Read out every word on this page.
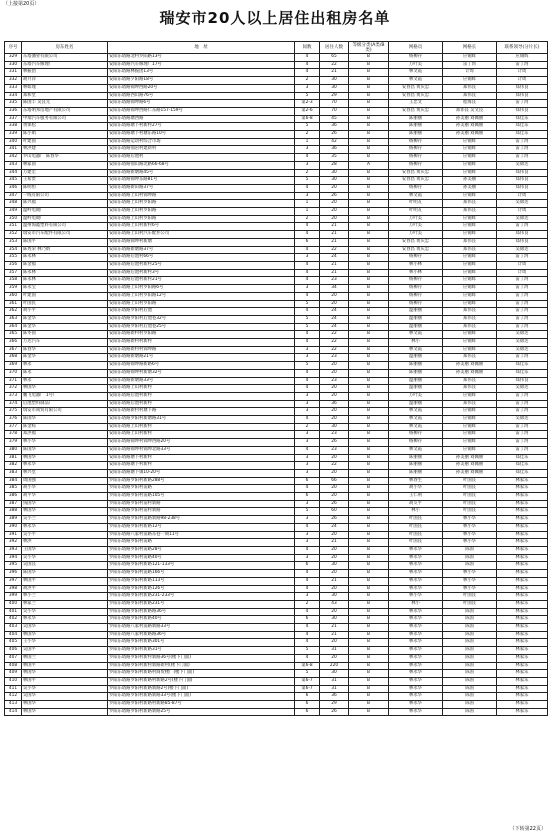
（上接第20页）
瑞安市20人以上居住出租房名单
序号	房东姓名	地　址	间数	居住人数	等级分类(A类/B类)	网格员	网格长	联系领导(分片长)
329	东塔潘业有限公司	安阳东塔路北村罗阳路13号	4	65	B	杨柳存	应锡辉	应锡辉
330	东塔汽车修理厂	安阳东塔路汽车修理厂17号	4	22	B	万叶美	雷丁湾	雷丁湾
331	林振团	安阳东塔路林振团13号	4	21	B	林文霞	计周	计周
332	胡月萍	安阳东塔路夕阳路18号	2	30	B	林文霞	应锡辉	计周
333	林如瑾	安阳东塔路锦坤西路20号	3	30	B	安春昌 黄庆忠	郑伟良	郑伟良
334	郑和堂	安阳东塔路西山路76号	5	29	B	安春昌 黄庆忠	郑伟良	郑伟良
335	陈国丰 吴良元	安阳东塔路锦坤路6号	第2-3	70	B	王忠文	程海良	雷丁湾
336	东塔明邦房地产有限公司	安阳东塔路锦坤西路仁东路157-159号	第2-6	70	B	安春昌 黄庆忠	郑伟良 吴文良	郑伟良
337	中瑞汽车服务有限公司	安阳东塔路塘西路	第6-8	45	B	陈丽丽	孙美丽 刘佩丽	郑佳乐
338	黄保松	安阳东塔路塘下村新村27号	5	36	B	陈丽丽	孙美丽 刘佩丽	郑佳乐
339	陈小娟	安阳东塔路塘下村塘东路10号	2	26	B	陈丽丽	孙美丽 刘佩丽	郑佳乐
340	叶建国	安阳东塔路运动村综合市场	1	42	B	杨柳存	应锡辉	雷丁湾
341	林洪建	安阳东塔路仙岩村建新村	3	36	B	杨柳存	应锡辉	雷丁湾
342	罗山电器厂 陈春华	安阳东塔路后池村	4	35	B	杨柳存	应锡辉	雷丁湾
343	林家国	安阳东塔路仙山路北路66-68号	3	28	A	杨柳存	应锡辉	吴锦达
344	万建宏	安阳东塔路新塘路45号	2	30	B	安春昌 黄庆忠	应锡辉	郑伟良
345	王希贵	安阳东塔路锦坤东路81号	5	30	B	安春昌 黄庆忠	孙美丽	郑伟良
346	陈明恒	安阳东塔路新田路37号	4	20	B	杨柳存	孙美丽	郑伟良
347	一线有限公司	安阳东塔路上山村锦坤路	3	26	B	林文霞	应锡辉	计周
348	陈兴福	安阳东塔路上山村罗阳路	1	20	B	叶明友	郑伟良	吴锦达
349	温岭电镀厂	安阳东塔路上山村罗阳路	1	20	B	叶明友	郑伟良	计周
350	温岭电镀厂	安阳东塔路上山村罗阳路	2	20	B	万叶美	应锡辉	吴锦达
351	温州海鑫塑料有限公司	安阳东塔路上山村新村6号	4	21	B	万叶美	应锡辉	雷丁湾
352	瑞安市汽车配件有限公司	安阳东塔路上山村汽车配件公司	4	21	B	万叶美	应锡辉	郑伟良
353	陈国平	安阳东塔路锦坤村新塘	6	21	B	安春昌 黄庆忠	郑伟良	郑伟良
354	陈秀荣 林乃炳	安阳东塔路新塘路37号	4	22	B	安春昌 黄庆忠	郑伟良	吴锦达
355	陈永林	安阳东塔路后池村66号	3	24	B	杨柳存	应锡辉	雷丁湾
356	陈金福	安阳东塔路后池村新村25号	4	21	B	林小林	应锡辉	计周
357	陈永林	安阳东塔路后池村新村3号	4	21	B	林小林	应锡辉	计周
358	陈永林	安阳东塔路后池村新村21号	4	23	B	杨柳存	应锡辉	雷丁湾
359	陈永宝	安阳东塔路上山村罗阳路6号	3	34	B	杨柳存	应锡辉	雷丁湾
360	叶建国	安阳东塔路上山村罗阳路12号	4	20	B	杨柳存	应锡辉	雷丁湾
361	叶国民	安阳东塔路上山村罗阳路	5	20	B	杨柳存	应锡辉	雷丁湾
362	胡小平	安阳东塔路罗阳村后池	4	24	B	温丽丽	郑伟良	雷丁湾
363	陈金华	安阳东塔路罗阳村后池巷32号	5	24	B	温丽丽	郑伟良	雷丁湾
364	陈金华	安阳东塔路罗阳村后池巷25号	5	24	B	温丽丽	郑伟良	雷丁湾
365	陈冬国	安阳东塔路新村村罗阳路	4	22	B	林文霞	应锡辉	吴锦达
366	万达汽车	安阳东塔路新村村新村	4	22	B	林小	应锡辉	吴锦达
367	陈春华	安阳东塔路新村村锦坤路	3	22	B	林文霞	应锡辉	吴锦达
368	陈金华	安阳东塔路新塘路21号	3	23	B	温丽丽	郑伟良	雷丁湾
369	林永	安阳东塔路锦坤路新路6号	5	20	B	陈丽丽	孙美丽 刘佩丽	郑佳乐
370	陈永	安阳东塔路锦坤村新塘32号	4	20	B	陈丽丽	孙美丽 刘佩丽	郑佳乐
371	林永	安阳东塔路新塘路33号	4	23	B	温丽丽	郑伟良	郑伟良
372	林国华	安阳东塔路上山村新村	4	20	B	温丽丽	郑伟良	吴锦达
373	鹏飞电器厂 1号厂	安阳东塔路后池村新村	3	20	B	万叶美	应锡辉	雷丁湾
374	后池塑料制品厂	安阳东塔路后池村新村	3	36	B	温丽丽	郑伟良	雷丁湾
375	瑞安市商贸有限公司	安阳东塔路新村村塘下路	3	20	B	林文霞	应锡辉	雷丁湾
376	陈国华	安阳东塔路罗阳村新塘路31号	4	20	B	林文霞	应锡辉	吴锦达
377	陈金标	安阳东塔路上山村新村	2	30	B	林文霞	应锡辉	雷丁湾
378	郑洪福	安阳东塔路上山村新村	3	23	B	杨柳存	应锡辉	雷丁湾
379	林小华	安阳东塔路锦坤村锦坤西路20号	3	26	B	杨柳存	应锡辉	雷丁湾
380	陈国华	安阳东塔路锦坤村锦坤北路33号	4	23	B	林文霞	应锡辉	雷丁湾
381	林国华	安阳东塔路塘下村新村	3	20	B	陈丽丽	孙美丽 刘佩丽	郑佳乐
382	林永华	安阳东塔路塘下村新村	3	22	B	陈丽丽	孙美丽 刘佩丽	郑佳乐
383	林兴堂	安阳东塔路塘下镇10-20号	3	20	B	陈丽丽	孙美丽 刘佩丽	郑佳乐
384	周国强	罗阳东塔路罗阳村新路288号	6	66	B	林春生	叶国良	林家乐
385	胡小华	罗阳东塔路罗阳村前路	4	20	B	胡小华	叶国良	林家乐
386	胡平华	罗阳东塔路罗阳村前路105号	6	20	B	王仁利	叶国良	林家乐
387	钱国华	罗阳东塔路罗阳村前村新路	3	26	B	胡友平	叶国良	林家乐
388	林国华	罗阳东塔路罗阳村前村新路	5	60	B	林小	叶国良	林家乐
389	吴小兰	罗阳东塔路罗阳村前路新路98-238号	3	26	B	叶国良	林小华	林家乐
390	林永华	罗阳东塔路罗阳村新路12号	4	24	B	叶国良	林小华	林家乐
391	吴小平	罗阳东塔路八家村前路东巷一期11号	3	20	B	叶国良	林小华	林家乐
392	林洪	罗阳东塔路罗阳村前路	3	21	B	叶国良	林小华	林家乐
393	王国华	罗阳东塔路罗阳村前路28号	4	20	B	林永华	陈国	林家乐
394	吴小华	罗阳东塔路罗阳村前路40号	3	20	B	林永华	陈国	林家乐
395	吴国良	罗阳东塔路罗阳村新路121-133号	6	30	B	林永华	陈国	林家乐
396	陈国华	罗阳东塔路罗阳村前路166号	4	20	B	林永华	林小华	林家乐
397	林国平	罗阳东塔路罗阳村新路113号	4	21	B	林永华	林小华	林家乐
398	胡洪平	罗阳东塔路罗阳村新路126号	4	20	B	林永华	林小华	林家乐
399	林小兰	罗阳东塔路罗阳村新路231-233号	3	30	B	林小华	叶国良	林家乐
400	林家兰	罗阳东塔路罗阳村新路231号	2	43	B	林小	叶国良	林家乐
401	吴小华	罗阳东塔路罗阳村新路路36号	4	20	B	林永华	陈国	林家乐
402	林永华	罗阳东塔路罗阳村新路40号	6	30	B	林永华	陈国	林家乐
403	吴国华	罗阳东塔路八家村前路新路33号	4	21	B	林永华	陈国	林家乐
404	林国华	罗阳东塔路八家村新路路36号	4	21	B	林永华	陈国	林家乐
405	王小华	罗阳东塔路罗阳村新路301号	4	20	B	林永华	陈国	林家乐
406	吴国平	罗阳东塔路罗阳村新路31号	5	31	B	林永华	陈国	林家乐
407	林国兰	罗阳东塔路罗阳村新村新路36号(楼下门面)	4	20	B	林永华	陈国	林家乐
408	林国平	罗阳东塔路罗阳村新村新路新村(楼下门面)	第6-8	220	B	林永华	陈国	林家乐
409	林国华	罗阳东塔路罗阳村新路村商贸楼厂(楼下门面)	5	30	B	林永华	陈国	林家乐
410	林国平	罗阳东塔路罗阳村新路村新路2号(楼下门面)	第6-7	31	B	林永华	陈国	林家乐
411	吴小华	罗阳东塔路罗阳村新路新路2号(楼下门面)	第6-7	31	B	林永华	陈国	林家乐
412	吴国华	罗阳东塔路罗阳村新路新路33号(楼下门面)	6	36	B	林永华	陈国	林家乐
413	林国华	罗阳东塔路罗阳村新路村新路85-87号	6	29	B	林永华	陈国	林家乐
414	林国华	罗阳东塔路罗阳村新路新路25号	6	26	B	林永华	陈国	林家乐
（下转第22页）
